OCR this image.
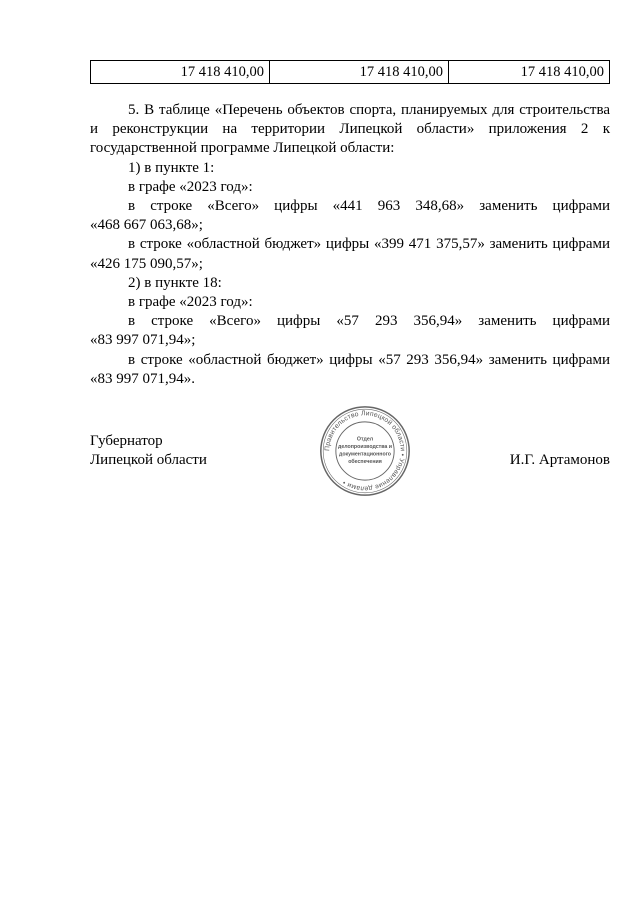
17 418 410,00	17 418 410,00	17 418 410,00

5. В таблице «Перечень объектов спорта, планируемых для строительства

и реконструкции на территории Липецкой области» приложения 2 к

государственной программе Липецкой области:

1) в пункте 1:

в графе «2023 год»:

в строке «Всего» цифры «441 963 348,68» заменить цифрами

«468 667 063,68»;

в строке «областной бюджет» цифры «399 471 375,57» заменить цифрами

«426 175 090,57»;

2) в пункте 18:

в графе «2023 год»:

в строке «Всего» цифры «57 293 356,94» заменить цифрами

«83 997 071,94»;

в строке «областной бюджет» цифры «57 293 356,94» заменить цифрами

«83 997 071,94».

Губернатор
Липецкой области
Правительство Липецкой области • Управление делами •
Отдел
делопроизводства и
документационного
обеспечения	И.Г. Артамонов
